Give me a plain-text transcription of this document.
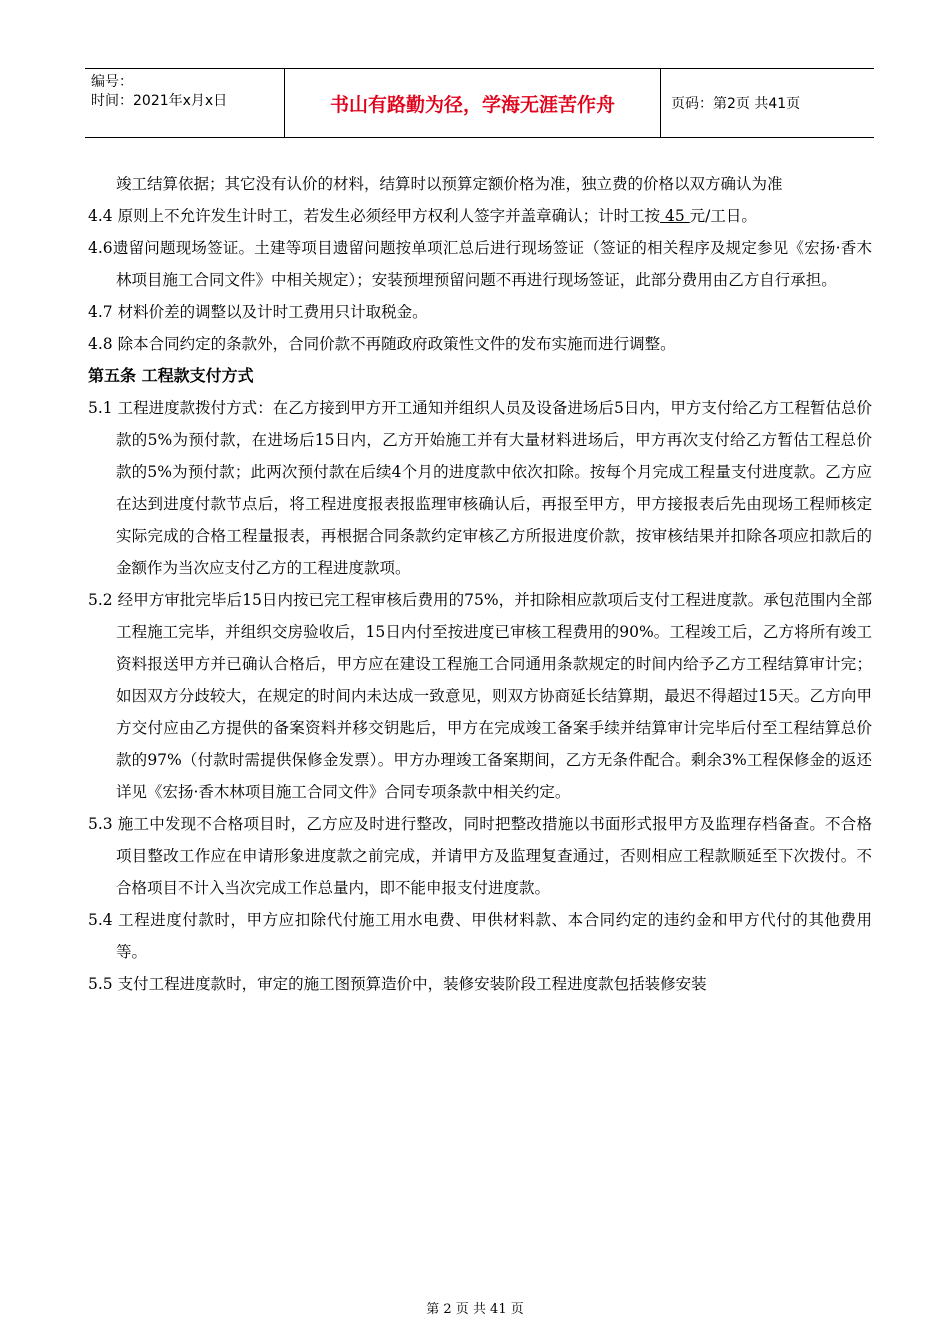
编号：
时间：2021年x月x日	书山有路勤为径，学海无涯苦作舟	页码：第2页 共41页

竣工结算依据；其它没有认价的材料，结算时以预算定额价格为准，独立费的价格以双方确认为准

4.4 原则上不允许发生计时工，若发生必须经甲方权利人签字并盖章确认；计时工按 45 元/工日。

4.6遗留问题现场签证。土建等项目遗留问题按单项汇总后进行现场签证（签证的相关程序及规定参见《宏扬·香木林项目施工合同文件》中相关规定）；安装预埋预留问题不再进行现场签证，此部分费用由乙方自行承担。

4.7 材料价差的调整以及计时工费用只计取税金。

4.8 除本合同约定的条款外，合同价款不再随政府政策性文件的发布实施而进行调整。

第五条 工程款支付方式

5.1 工程进度款拨付方式：在乙方接到甲方开工通知并组织人员及设备进场后5日内，甲方支付给乙方工程暂估总价款的5%为预付款，在进场后15日内，乙方开始施工并有大量材料进场后，甲方再次支付给乙方暂估工程总价款的5%为预付款；此两次预付款在后续4个月的进度款中依次扣除。按每个月完成工程量支付进度款。乙方应在达到进度付款节点后，将工程进度报表报监理审核确认后，再报至甲方，甲方接报表后先由现场工程师核定实际完成的合格工程量报表，再根据合同条款约定审核乙方所报进度价款，按审核结果并扣除各项应扣款后的金额作为当次应支付乙方的工程进度款项。

5.2 经甲方审批完毕后15日内按已完工程审核后费用的75%，并扣除相应款项后支付工程进度款。承包范围内全部工程施工完毕，并组织交房验收后，15日内付至按进度已审核工程费用的90%。工程竣工后，乙方将所有竣工资料报送甲方并已确认合格后，甲方应在建设工程施工合同通用条款规定的时间内给予乙方工程结算审计完；如因双方分歧较大，在规定的时间内未达成一致意见，则双方协商延长结算期，最迟不得超过15天。乙方向甲方交付应由乙方提供的备案资料并移交钥匙后，甲方在完成竣工备案手续并结算审计完毕后付至工程结算总价款的97%（付款时需提供保修金发票）。甲方办理竣工备案期间，乙方无条件配合。剩余3%工程保修金的返还详见《宏扬·香木林项目施工合同文件》合同专项条款中相关约定。

5.3 施工中发现不合格项目时，乙方应及时进行整改，同时把整改措施以书面形式报甲方及监理存档备查。不合格项目整改工作应在申请形象进度款之前完成，并请甲方及监理复查通过，否则相应工程款顺延至下次拨付。不合格项目不计入当次完成工作总量内，即不能申报支付进度款。

5.4 工程进度付款时，甲方应扣除代付施工用水电费、甲供材料款、本合同约定的违约金和甲方代付的其他费用等。

5.5 支付工程进度款时，审定的施工图预算造价中，装修安装阶段工程进度款包括装修安装

第 2 页 共 41 页
